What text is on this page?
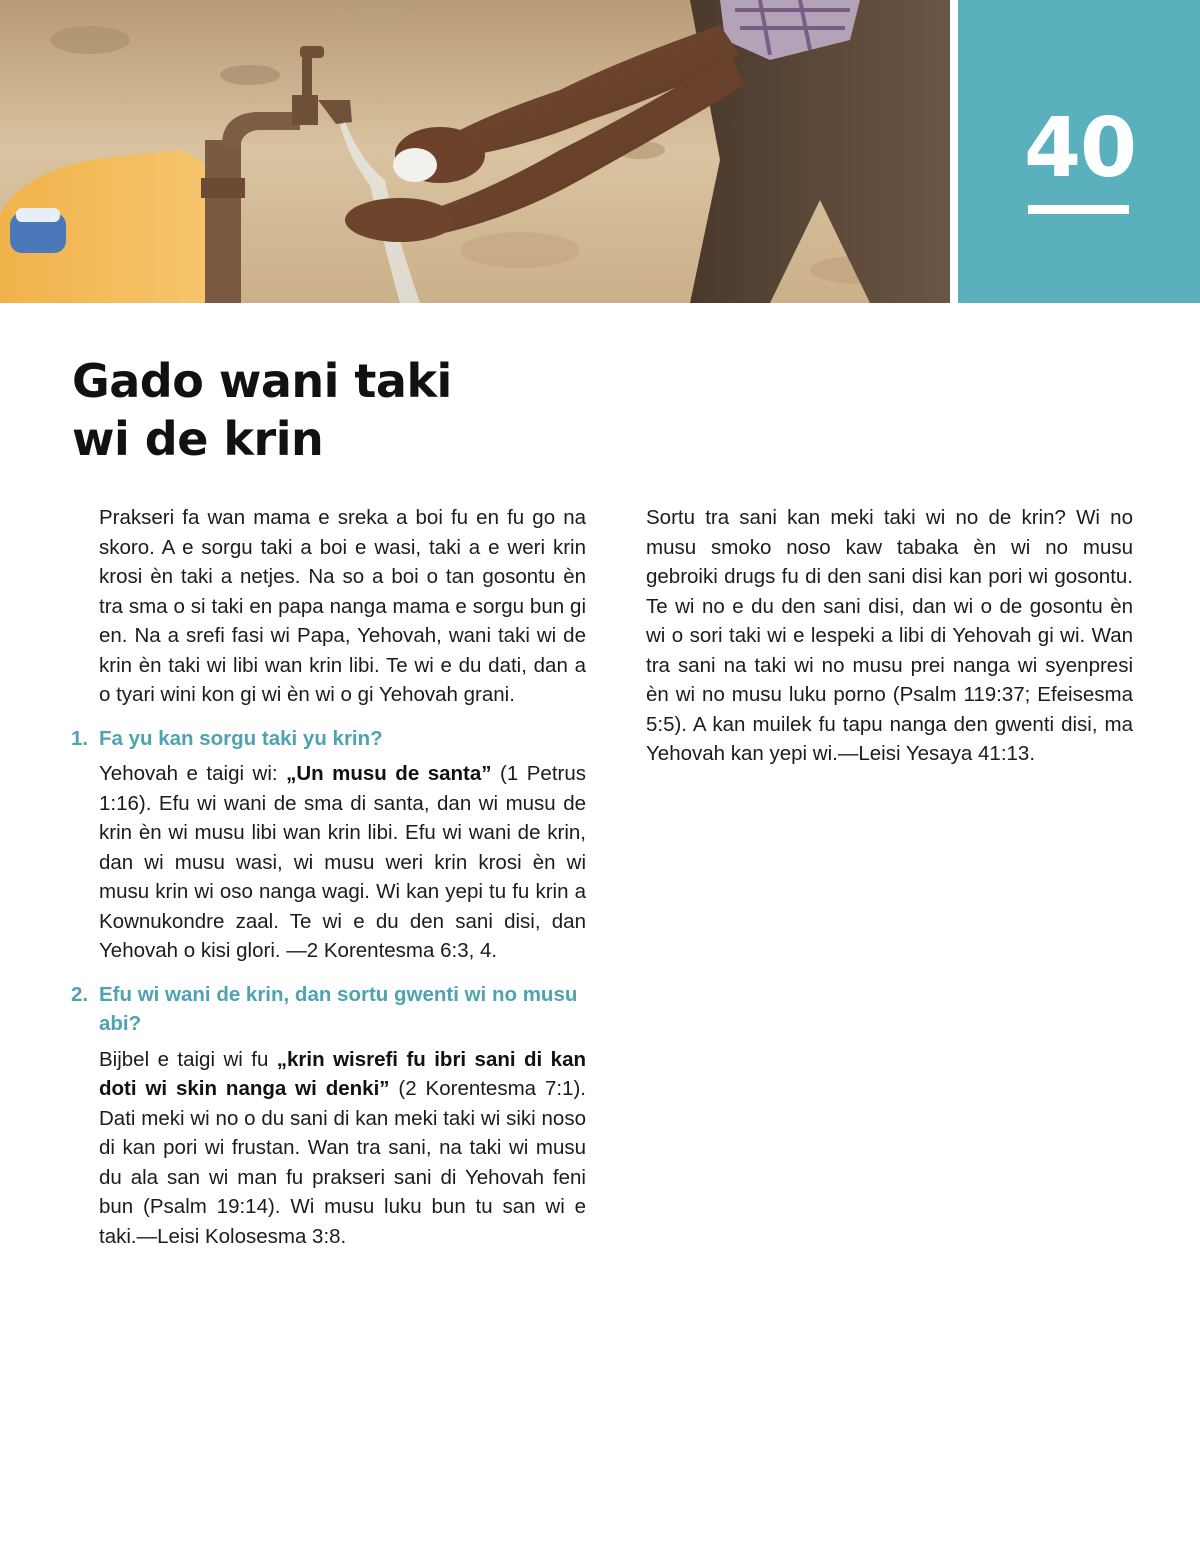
40
Gado wani taki
wi de krin

Prakseri fa wan mama e sreka a boi fu en fu go na skoro. A e sorgu taki a boi e wasi, taki a e weri krin krosi èn taki a netjes. Na so a boi o tan gosontu èn tra sma o si taki en papa nanga mama e sorgu bun gi en. Na a srefi fasi wi Papa, Yehovah, wani taki wi de krin èn taki wi libi wan krin libi. Te wi e du dati, dan a o tyari wini kon gi wi èn wi o gi Yehovah grani.

1. Fa yu kan sorgu taki yu krin?

Yehovah e taigi wi: „Un musu de santa” (1 Petrus 1:16). Efu wi wani de sma di santa, dan wi musu de krin èn wi musu libi wan krin libi. Efu wi wani de krin, dan wi musu wasi, wi musu weri krin krosi èn wi musu krin wi oso nanga wagi. Wi kan yepi tu fu krin a Kownukondre zaal. Te wi e du den sani disi, dan Yehovah o kisi glori. —2 Korentesma 6:3, 4.

2. Efu wi wani de krin, dan sortu gwenti wi no musu abi?

Bijbel e taigi wi fu „krin wisrefi fu ibri sani di kan doti wi skin nanga wi denki” (2 Korentesma 7:1). Dati meki wi no o du sani di kan meki taki wi siki noso di kan pori wi frustan. Wan tra sani, na taki wi musu du ala san wi man fu prakseri sani di Yehovah feni bun (Psalm 19:14). Wi musu luku bun tu san wi e taki.—Leisi Kolosesma 3:8.

Sortu tra sani kan meki taki wi no de krin? Wi no musu smoko noso kaw tabaka èn wi no musu gebroiki drugs fu di den sani disi kan pori wi gosontu. Te wi no e du den sani disi, dan wi o de gosontu èn wi o sori taki wi e lespeki a libi di Yehovah gi wi. Wan tra sani na taki wi no musu prei nanga wi syenpresi èn wi no musu luku porno (Psalm 119:37; Efeisesma 5:5). A kan muilek fu tapu nanga den gwenti disi, ma Yehovah kan yepi wi.—Leisi Yesaya 41:13.
